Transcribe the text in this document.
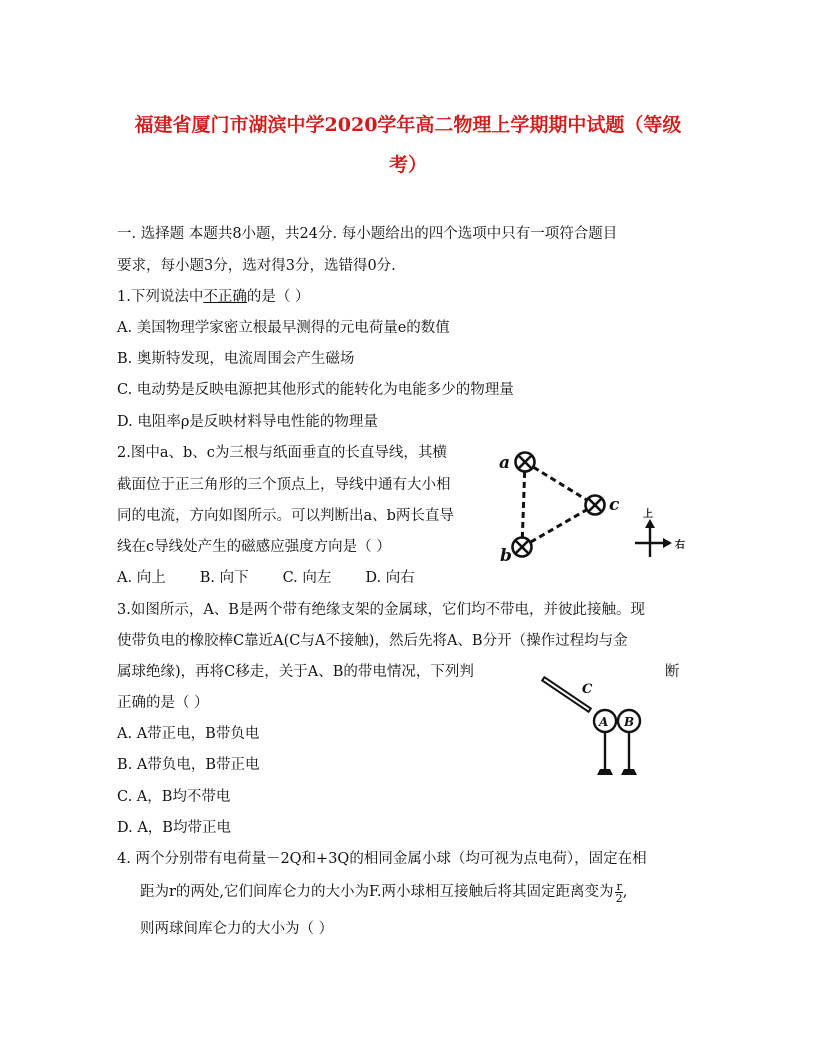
福建省厦门市湖滨中学2020学年高二物理上学期期中试题（等级
考）

一. 选择题 本题共8小题，共24分. 每小题给出的四个选项中只有一项符合题目

要求，每小题3分，选对得3分，选错得0分.

1.下列说法中不正确的是（ ）

A. 美国物理学家密立根最早测得的元电荷量e的数值

B. 奥斯特发现，电流周围会产生磁场

C. 电动势是反映电源把其他形式的能转化为电能多少的物理量

D. 电阻率ρ是反映材料导电性能的物理量

2.图中a、b、c为三根与纸面垂直的长直导线，其横

截面位于正三角形的三个顶点上，导线中通有大小相

同的电流，方向如图所示。可以判断出a、b两长直导

线在c导线处产生的磁感应强度方向是（ ）

A. 向上 B. 向下 C. 向左 D. 向右

a
b
c 上
右

3.如图所示，A、B是两个带有绝缘支架的金属球，它们均不带电，并彼此接触。现

使带负电的橡胶棒C靠近A(C与A不接触)，然后先将A、B分开（操作过程均与金

属球绝缘)，再将C移走，关于A、B的带电情况，下列判	断

正确的是（ ）

A. A带正电，B带负电

B. A带负电，B带正电

C. A，B均不带电

D. A，B均带正电

C
A B

4. 两个分别带有电荷量－2Q和+3Q的相同金属小球（均可视为点电荷），固定在相

距为r的两处,它们间库仑力的大小为F.两小球相互接触后将其固定距离变为 $\frac{r}{2}$ ,

则两球间库仑力的大小为（ ）
